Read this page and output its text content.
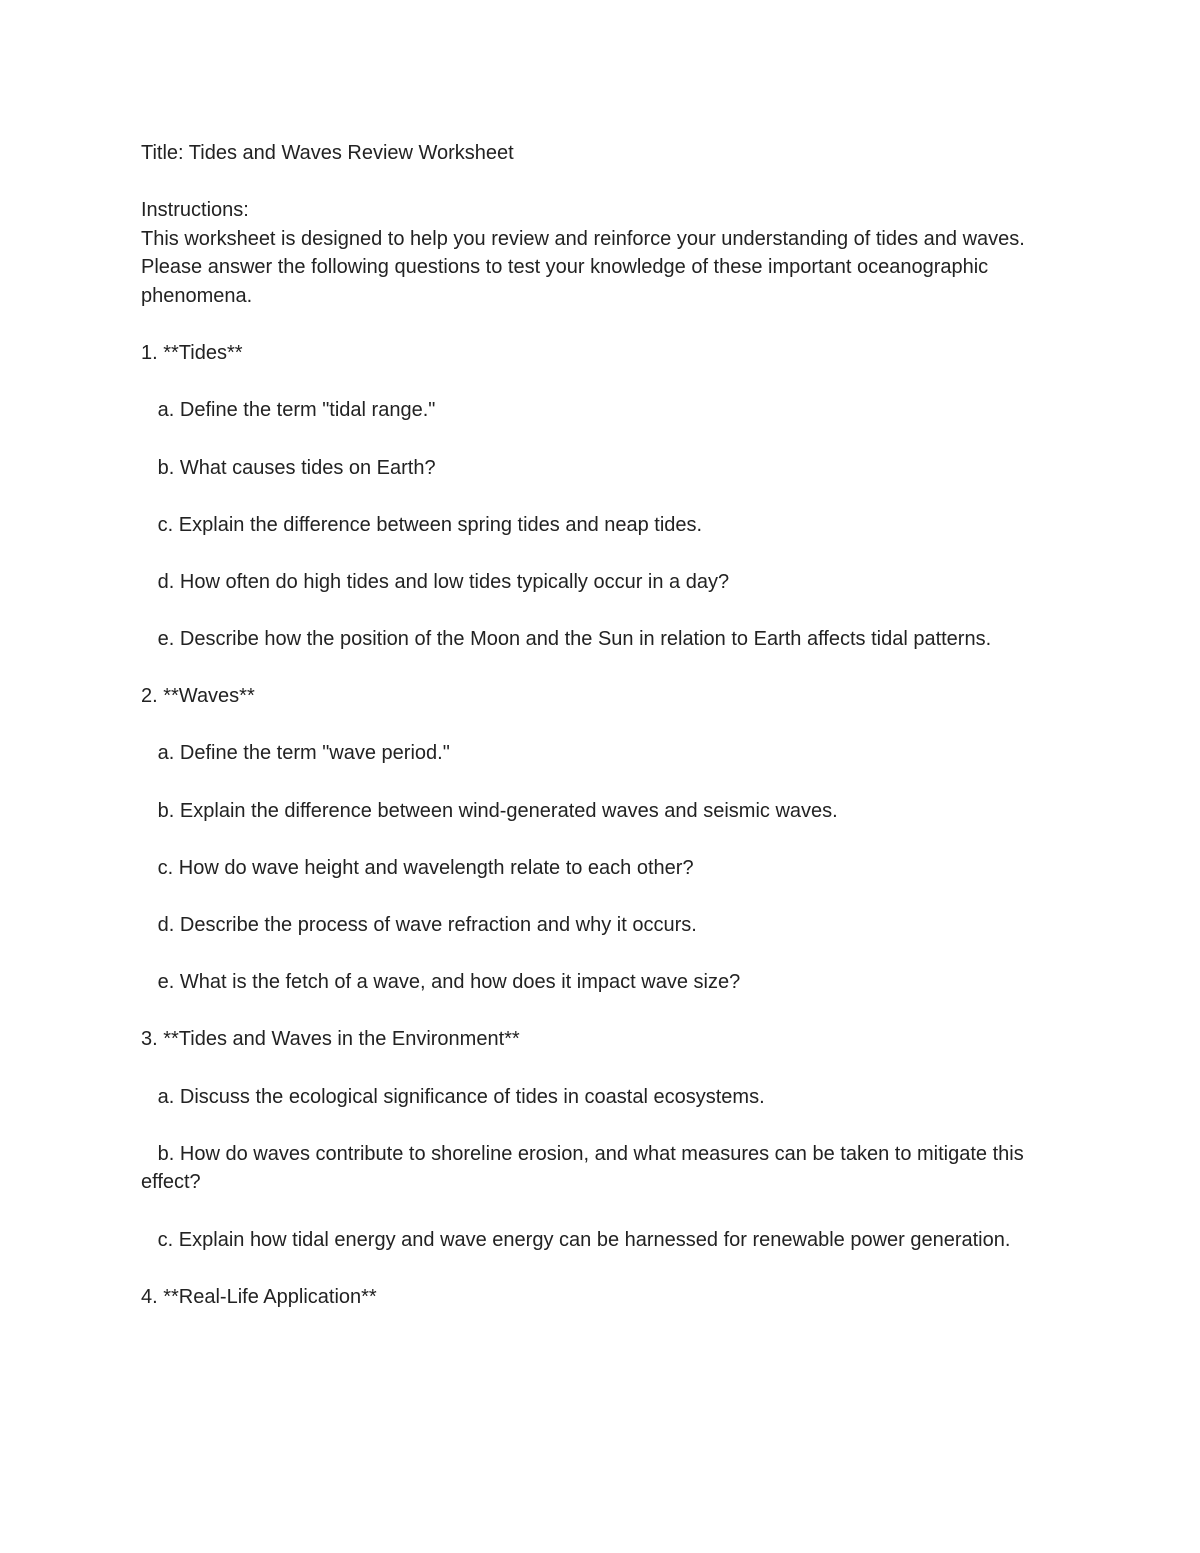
Title: Tides and Waves Review Worksheet

Instructions:

This worksheet is designed to help you review and reinforce your understanding of tides and waves. Please answer the following questions to test your knowledge of these important oceanographic phenomena.

1. **Tides**

a. Define the term "tidal range."

b. What causes tides on Earth?

c. Explain the difference between spring tides and neap tides.

d. How often do high tides and low tides typically occur in a day?

e. Describe how the position of the Moon and the Sun in relation to Earth affects tidal patterns.

2. **Waves**

a. Define the term "wave period."

b. Explain the difference between wind-generated waves and seismic waves.

c. How do wave height and wavelength relate to each other?

d. Describe the process of wave refraction and why it occurs.

e. What is the fetch of a wave, and how does it impact wave size?

3. **Tides and Waves in the Environment**

a. Discuss the ecological significance of tides in coastal ecosystems.

b. How do waves contribute to shoreline erosion, and what measures can be taken to mitigate this effect?

c. Explain how tidal energy and wave energy can be harnessed for renewable power generation.

4. **Real-Life Application**
